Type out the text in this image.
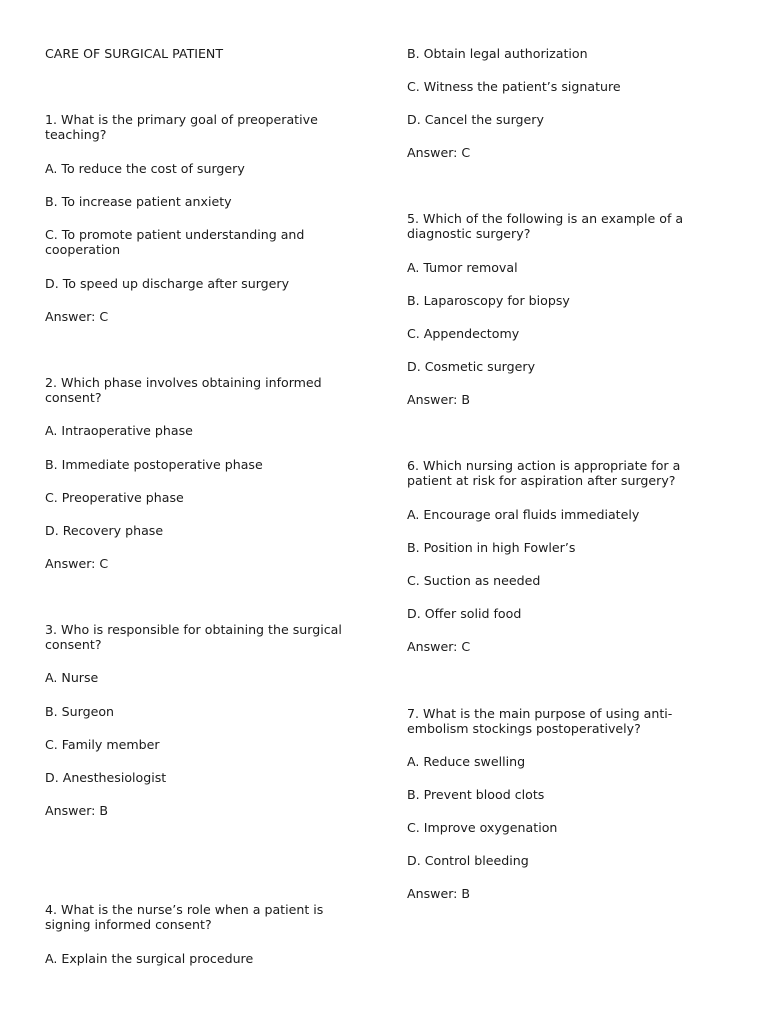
CARE OF SURGICAL PATIENT
1. What is the primary goal of preoperative teaching?
A. To reduce the cost of surgery
B. To increase patient anxiety
C. To promote patient understanding and cooperation
D. To speed up discharge after surgery
Answer: C
2. Which phase involves obtaining informed consent?
A. Intraoperative phase
B. Immediate postoperative phase
C. Preoperative phase
D. Recovery phase
Answer: C
3. Who is responsible for obtaining the surgical consent?
A. Nurse
B. Surgeon
C. Family member
D. Anesthesiologist
Answer: B
4. What is the nurse’s role when a patient is signing informed consent?
A. Explain the surgical procedure
B. Obtain legal authorization
C. Witness the patient’s signature
D. Cancel the surgery
Answer: C
5. Which of the following is an example of a diagnostic surgery?
A. Tumor removal
B. Laparoscopy for biopsy
C. Appendectomy
D. Cosmetic surgery
Answer: B
6. Which nursing action is appropriate for a patient at risk for aspiration after surgery?
A. Encourage oral fluids immediately
B. Position in high Fowler’s
C. Suction as needed
D. Offer solid food
Answer: C
7. What is the main purpose of using anti-embolism stockings postoperatively?
A. Reduce swelling
B. Prevent blood clots
C. Improve oxygenation
D. Control bleeding
Answer: B
